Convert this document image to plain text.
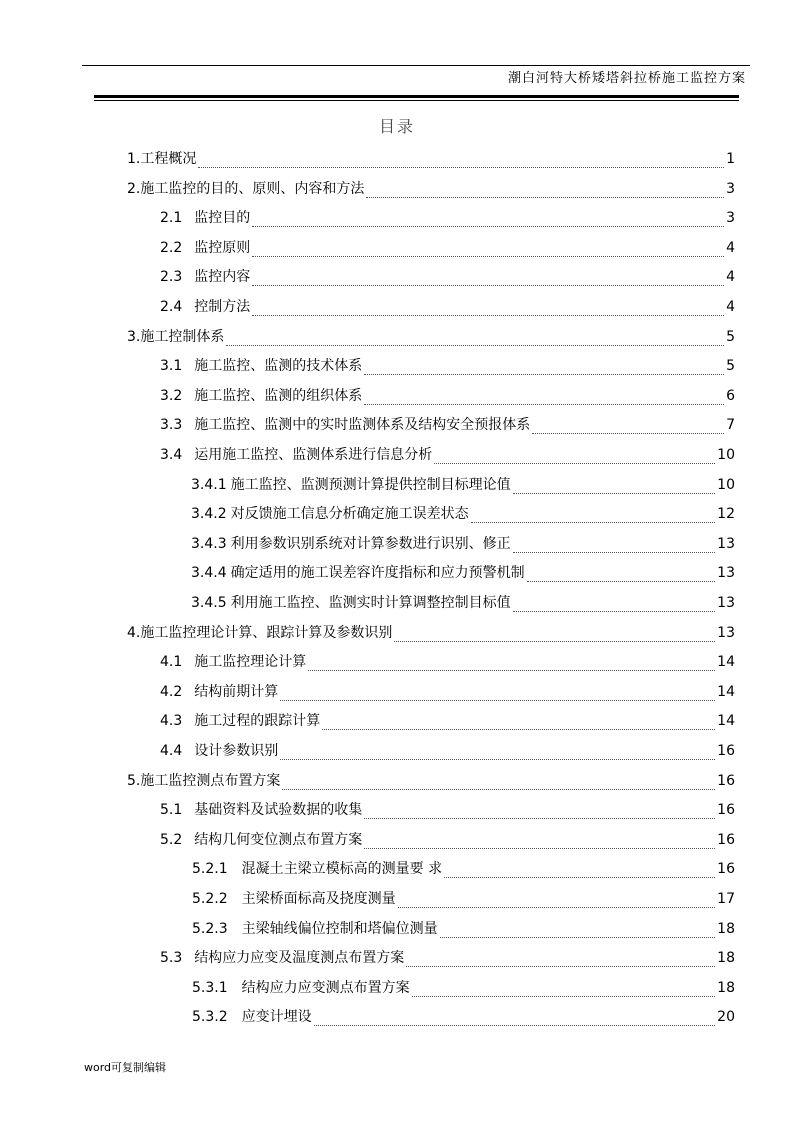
潮白河特大桥矮塔斜拉桥施工监控方案
目录
1.工程概况	1
2.施工监控的目的、原则、内容和方法	3
2.1 监控目的	3
2.2 监控原则	4
2.3 监控内容	4
2.4 控制方法	4
3.施工控制体系	5
3.1 施工监控、监测的技术体系	5
3.2 施工监控、监测的组织体系	6
3.3 施工监控、监测中的实时监测体系及结构安全预报体系	7
3.4 运用施工监控、监测体系进行信息分析	10
3.4.1 施工监控、监测预测计算提供控制目标理论值	10
3.4.2 对反馈施工信息分析确定施工误差状态	12
3.4.3 利用参数识别系统对计算参数进行识别、修正	13
3.4.4 确定适用的施工误差容许度指标和应力预警机制	13
3.4.5 利用施工监控、监测实时计算调整控制目标值	13
4.施工监控理论计算、跟踪计算及参数识别	13
4.1 施工监控理论计算	14
4.2 结构前期计算	14
4.3 施工过程的跟踪计算	14
4.4 设计参数识别	16
5.施工监控测点布置方案	16
5.1 基础资料及试验数据的收集	16
5.2 结构几何变位测点布置方案	16
5.2.1 混凝土主梁立模标高的测量要 求	16
5.2.2 主梁桥面标高及挠度测量	17
5.2.3 主梁轴线偏位控制和塔偏位测量	18
5.3 结构应力应变及温度测点布置方案	18
5.3.1 结构应力应变测点布置方案	18
5.3.2 应变计埋设	20
word可复制编辑
